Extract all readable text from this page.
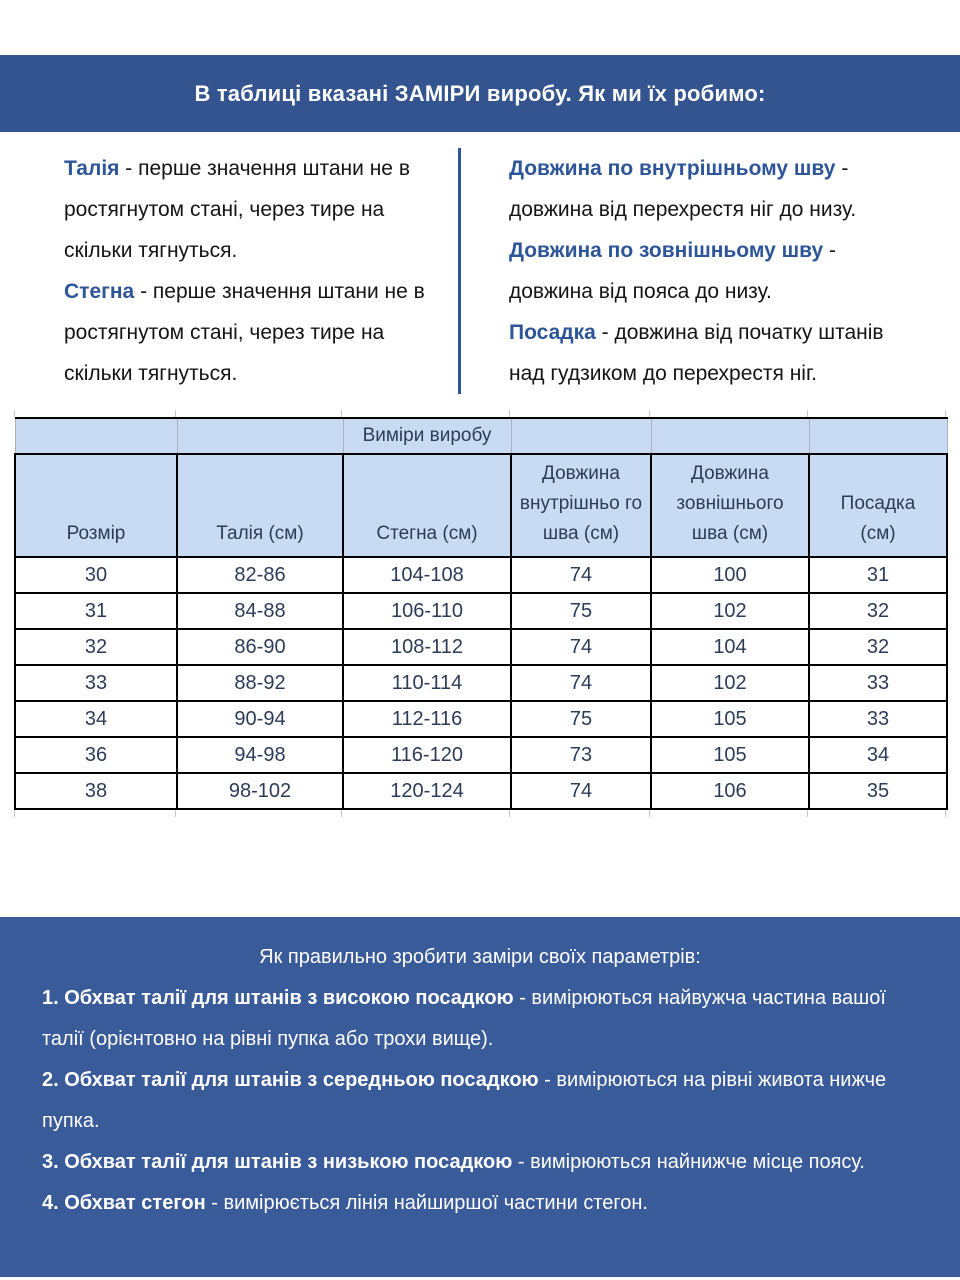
В таблиці вказані ЗАМІРИ виробу. Як ми їх робимо:

Талія - перше значення штани не в ростягнутом стані, через тире на скільки тягнуться.

Стегна - перше значення штани не в ростягнутом стані, через тире на скільки тягнуться.

Довжина по внутрішньому шву - довжина від перехрестя ніг до низу.

Довжина по зовнішньому шву - довжина від пояса до низу.

Посадка - довжина від початку штанів над гудзиком до перехрестя ніг.

		Виміри виробу			
Розмір	Талія (см)	Стегна (см)	Довжина внутрішньо го шва (см)	Довжина зовнішнього шва (см)	Посадка (см)
30	82-86	104-108	74	100	31
31	84-88	106-110	75	102	32
32	86-90	108-112	74	104	32
33	88-92	110-114	74	102	33
34	90-94	112-116	75	105	33
36	94-98	116-120	73	105	34
38	98-102	120-124	74	106	35

Як правильно зробити заміри своїх параметрів:

1. Обхват талії для штанів з високою посадкою - вимірюються найвужча частина вашої талії (орієнтовно на рівні пупка або трохи вище).

2. Обхват талії для штанів з середньою посадкою - вимірюються на рівні живота нижче пупка.

3. Обхват талії для штанів з низькою посадкою - вимірюються найнижче місце поясу.

4. Обхват стегон - вимірюється лінія найширшої частини стегон.
